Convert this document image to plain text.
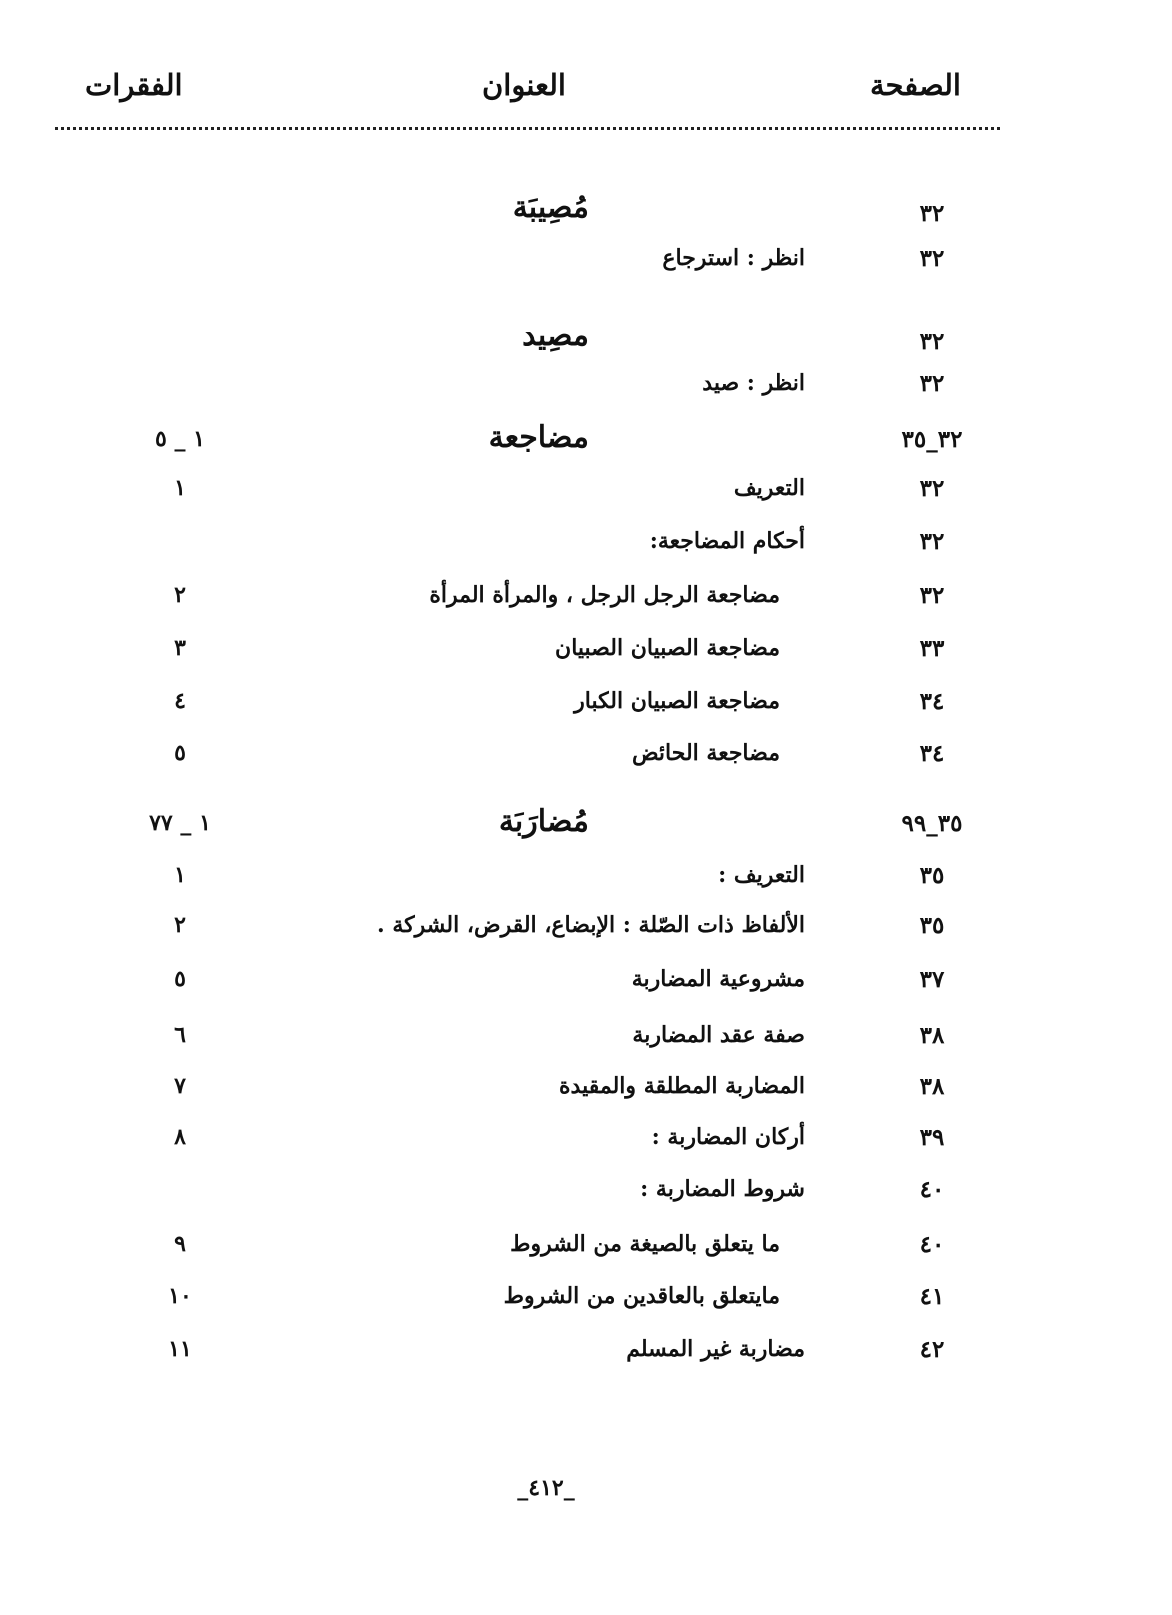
الصفحة
العنوان
الفقرات
٣٢
مُصِيبَة
٣٢
انظر : استرجاع
٣٢
مصِيد
٣٢
انظر : صيد
٣٢_٣٥
مضاجعة
١ _ ٥
٣٢
التعريف
١
٣٢
أحكام المضاجعة:
٣٢
مضاجعة الرجل الرجل ، والمرأة المرأة
٢
٣٣
مضاجعة الصبيان الصبيان
٣
٣٤
مضاجعة الصبيان الكبار
٤
٣٤
مضاجعة الحائض
٥
٣٥_٩٩
مُضارَبَة
١ _ ٧٧
٣٥
التعريف :
١
٣٥
الألفاظ ذات الصّلة : الإبضاع، القرض، الشركة .
٢
٣٧
مشروعية المضاربة
٥
٣٨
صفة عقد المضاربة
٦
٣٨
المضاربة المطلقة والمقيدة
٧
٣٩
أركان المضاربة :
٨
٤٠
شروط المضاربة :
٤٠
ما يتعلق بالصيغة من الشروط
٩
٤١
مايتعلق بالعاقدين من الشروط
١٠
٤٢
مضاربة غير المسلم
١١
_٤١٢_
